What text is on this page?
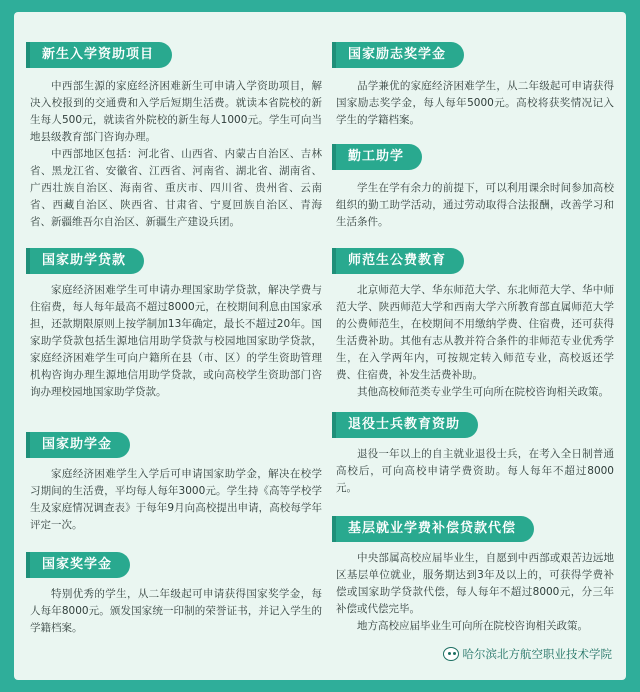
新生入学资助项目

中西部生源的家庭经济困难新生可申请入学资助项目，解决入校报到的交通费和入学后短期生活费。就读本省院校的新生每人500元，就读省外院校的新生每人1000元。学生可向当地县级教育部门咨询办理。

中西部地区包括：河北省、山西省、内蒙古自治区、吉林省、黑龙江省、安徽省、江西省、河南省、湖北省、湖南省、广西壮族自治区、海南省、重庆市、四川省、贵州省、云南省、西藏自治区、陕西省、甘肃省、宁夏回族自治区、青海省、新疆维吾尔自治区、新疆生产建设兵团。

国家助学贷款

家庭经济困难学生可申请办理国家助学贷款，解决学费与住宿费，每人每年最高不超过8000元，在校期间利息由国家承担，还款期限原则上按学制加13年确定，最长不超过20年。国家助学贷款包括生源地信用助学贷款与校园地国家助学贷款，家庭经济困难学生可向户籍所在县（市、区）的学生资助管理机构咨询办理生源地信用助学贷款，或向高校学生资助部门咨询办理校园地国家助学贷款。

国家助学金

家庭经济困难学生入学后可申请国家助学金，解决在校学习期间的生活费，平均每人每年3000元。学生持《高等学校学生及家庭情况调查表》于每年9月向高校提出申请，高校每学年评定一次。

国家奖学金

特别优秀的学生，从二年级起可申请获得国家奖学金，每人每年8000元。颁发国家统一印制的荣誉证书，并记入学生的学籍档案。

国家励志奖学金

品学兼优的家庭经济困难学生，从二年级起可申请获得国家励志奖学金，每人每年5000元。高校将获奖情况记入学生的学籍档案。

勤工助学

学生在学有余力的前提下，可以利用课余时间参加高校组织的勤工助学活动，通过劳动取得合法报酬，改善学习和生活条件。

师范生公费教育

北京师范大学、华东师范大学、东北师范大学、华中师范大学、陕西师范大学和西南大学六所教育部直属师范大学的公费师范生，在校期间不用缴纳学费、住宿费，还可获得生活费补助。其他有志从教并符合条件的非师范专业优秀学生，在入学两年内，可按规定转入师范专业，高校返还学费、住宿费，补发生活费补助。

其他高校师范类专业学生可向所在院校咨询相关政策。

退役士兵教育资助

退役一年以上的自主就业退役士兵，在考入全日制普通高校后，可向高校申请学费资助。每人每年不超过8000元。

基层就业学费补偿贷款代偿

中央部属高校应届毕业生，自愿到中西部或艰苦边远地区基层单位就业，服务期达到3年及以上的，可获得学费补偿或国家助学贷款代偿，每人每年不超过8000元，分三年补偿或代偿完毕。

地方高校应届毕业生可向所在院校咨询相关政策。

哈尔滨北方航空职业技术学院
